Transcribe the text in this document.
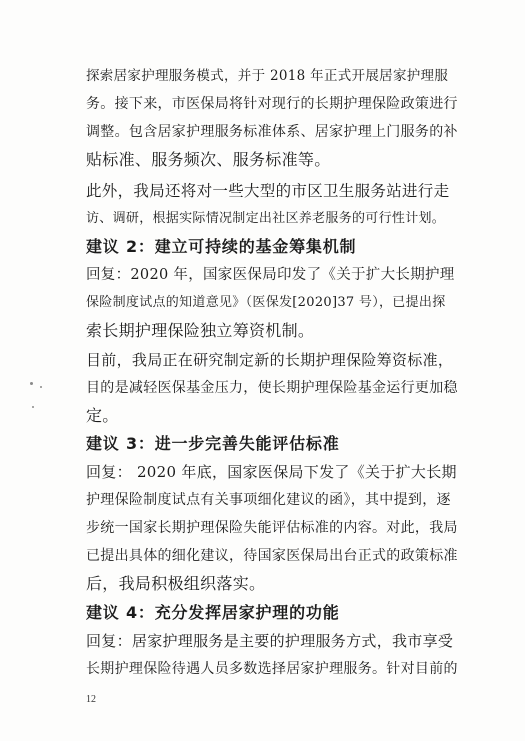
探索居家护理服务模式，并于 2018 年正式开展居家护理服
务。接下来，市医保局将针对现行的长期护理保险政策进行
调整。包含居家护理服务标准体系、居家护理上门服务的补
贴标准、服务频次、服务标准等。
此外，我局还将对一些大型的市区卫生服务站进行走
访、调研，根据实际情况制定出社区养老服务的可行性计划。
建议 2：建立可持续的基金筹集机制
回复：2020 年，国家医保局印发了《关于扩大长期护理
保险制度试点的知道意见》（医保发[2020]37 号），已提出探
索长期护理保险独立筹资机制。
目前，我局正在研究制定新的长期护理保险筹资标准，
目的是减轻医保基金压力，使长期护理保险基金运行更加稳
定。
建议 3：进一步完善失能评估标准
回复： 2020 年底，国家医保局下发了《关于扩大长期
护理保险制度试点有关事项细化建议的函》，其中提到，逐
步统一国家长期护理保险失能评估标准的内容。对此，我局
已提出具体的细化建议，待国家医保局出台正式的政策标准
后，我局积极组织落实。
建议 4：充分发挥居家护理的功能
回复：居家护理服务是主要的护理服务方式，我市享受
长期护理保险待遇人员多数选择居家护理服务。针对目前的
12
